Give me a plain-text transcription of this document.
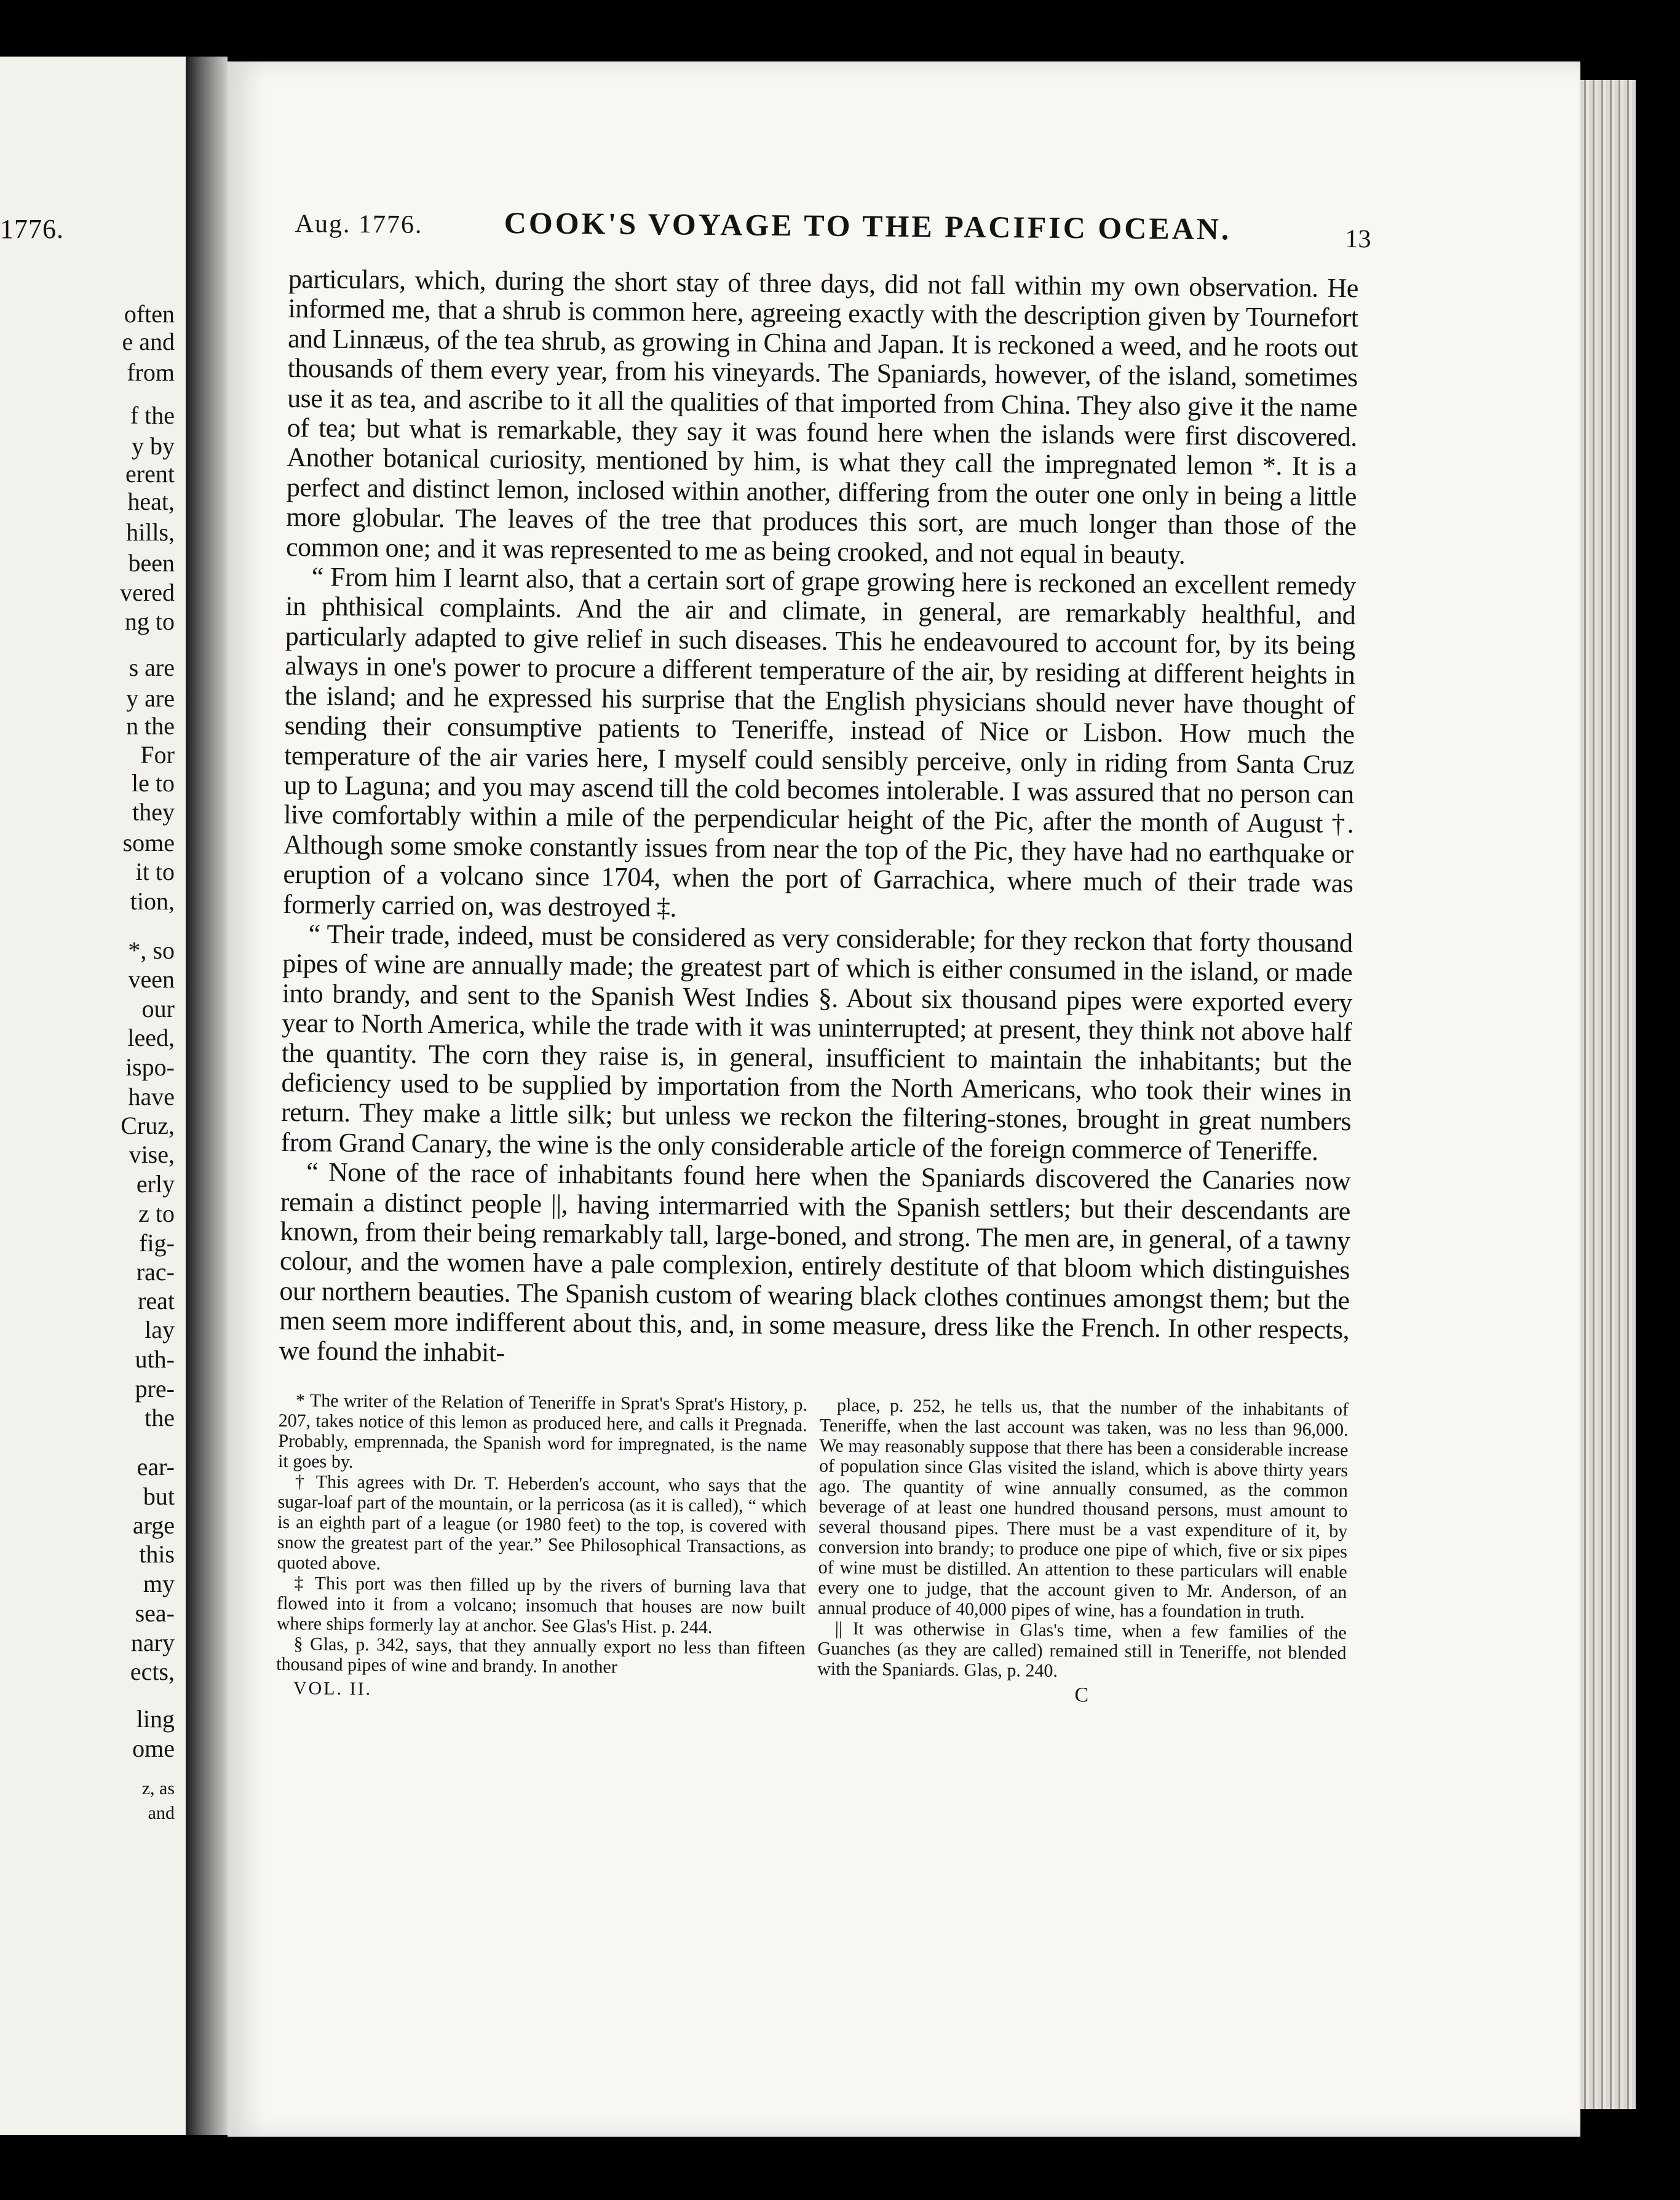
1776.
often
e and
from
f the
y by
erent
heat,
hills,
been
vered
ng to
s are
y are
n the
For
le to
they
some
it to
tion,
*, so
veen
our
leed,
ispo-
have
Cruz,
vise,
erly
z to
fig-
rac-
reat
lay
uth-
pre-
the
ear-
but
arge
this
my
sea-
nary
ects,
ling
ome
z, as
and
Aug. 1776.	COOK'S VOYAGE TO THE PACIFIC OCEAN.	13

particulars, which, during the short stay of three days, did not fall within my own observation. He informed me, that a shrub is common here, agreeing exactly with the description given by Tournefort and Linnæus, of the tea shrub, as growing in China and Japan. It is reckoned a weed, and he roots out thousands of them every year, from his vineyards. The Spaniards, however, of the island, sometimes use it as tea, and ascribe to it all the qualities of that imported from China. They also give it the name of tea; but what is remarkable, they say it was found here when the islands were first discovered. Another botanical curiosity, mentioned by him, is what they call the impregnated lemon *. It is a perfect and distinct lemon, inclosed within another, differing from the outer one only in being a little more globular. The leaves of the tree that produces this sort, are much longer than those of the common one; and it was represented to me as being crooked, and not equal in beauty.

“ From him I learnt also, that a certain sort of grape growing here is reckoned an excellent remedy in phthisical complaints. And the air and climate, in general, are remarkably healthful, and particularly adapted to give relief in such diseases. This he endeavoured to account for, by its being always in one's power to procure a different temperature of the air, by residing at different heights in the island; and he expressed his surprise that the English physicians should never have thought of sending their consumptive patients to Teneriffe, instead of Nice or Lisbon. How much the temperature of the air varies here, I myself could sensibly perceive, only in riding from Santa Cruz up to Laguna; and you may ascend till the cold becomes intolerable. I was assured that no person can live comfortably within a mile of the perpendicular height of the Pic, after the month of August †. Although some smoke constantly issues from near the top of the Pic, they have had no earthquake or eruption of a volcano since 1704, when the port of Garrachica, where much of their trade was formerly carried on, was destroyed ‡.

“ Their trade, indeed, must be considered as very considerable; for they reckon that forty thousand pipes of wine are annually made; the greatest part of which is either consumed in the island, or made into brandy, and sent to the Spanish West Indies §. About six thousand pipes were exported every year to North America, while the trade with it was uninterrupted; at present, they think not above half the quantity. The corn they raise is, in general, insufficient to maintain the inhabitants; but the deficiency used to be supplied by importation from the North Americans, who took their wines in return. They make a little silk; but unless we reckon the filtering-stones, brought in great numbers from Grand Canary, the wine is the only considerable article of the foreign commerce of Teneriffe.

“ None of the race of inhabitants found here when the Spaniards discovered the Canaries now remain a distinct people ||, having intermarried with the Spanish settlers; but their descendants are known, from their being remarkably tall, large-boned, and strong. The men are, in general, of a tawny colour, and the women have a pale complexion, entirely destitute of that bloom which distinguishes our northern beauties. The Spanish custom of wearing black clothes continues amongst them; but the men seem more indifferent about this, and, in some measure, dress like the French. In other respects, we found the inhabit-

* The writer of the Relation of Teneriffe in Sprat's Sprat's History, p. 207, takes notice of this lemon as produced here, and calls it Pregnada. Probably, emprennada, the Spanish word for impregnated, is the name it goes by.

† This agrees with Dr. T. Heberden's account, who says that the sugar-loaf part of the mountain, or la perricosa (as it is called), “ which is an eighth part of a league (or 1980 feet) to the top, is covered with snow the greatest part of the year.” See Philosophical Transactions, as quoted above.

‡ This port was then filled up by the rivers of burning lava that flowed into it from a volcano; insomuch that houses are now built where ships formerly lay at anchor. See Glas's Hist. p. 244.

§ Glas, p. 342, says, that they annually export no less than fifteen thousand pipes of wine and brandy. In another

VOL. II.

place, p. 252, he tells us, that the number of the inhabitants of Teneriffe, when the last account was taken, was no less than 96,000. We may reasonably suppose that there has been a considerable increase of population since Glas visited the island, which is above thirty years ago. The quantity of wine annually consumed, as the common beverage of at least one hundred thousand persons, must amount to several thousand pipes. There must be a vast expenditure of it, by conversion into brandy; to produce one pipe of which, five or six pipes of wine must be distilled. An attention to these particulars will enable every one to judge, that the account given to Mr. Anderson, of an annual produce of 40,000 pipes of wine, has a foundation in truth.

|| It was otherwise in Glas's time, when a few families of the Guanches (as they are called) remained still in Teneriffe, not blended with the Spaniards. Glas, p. 240.

C
